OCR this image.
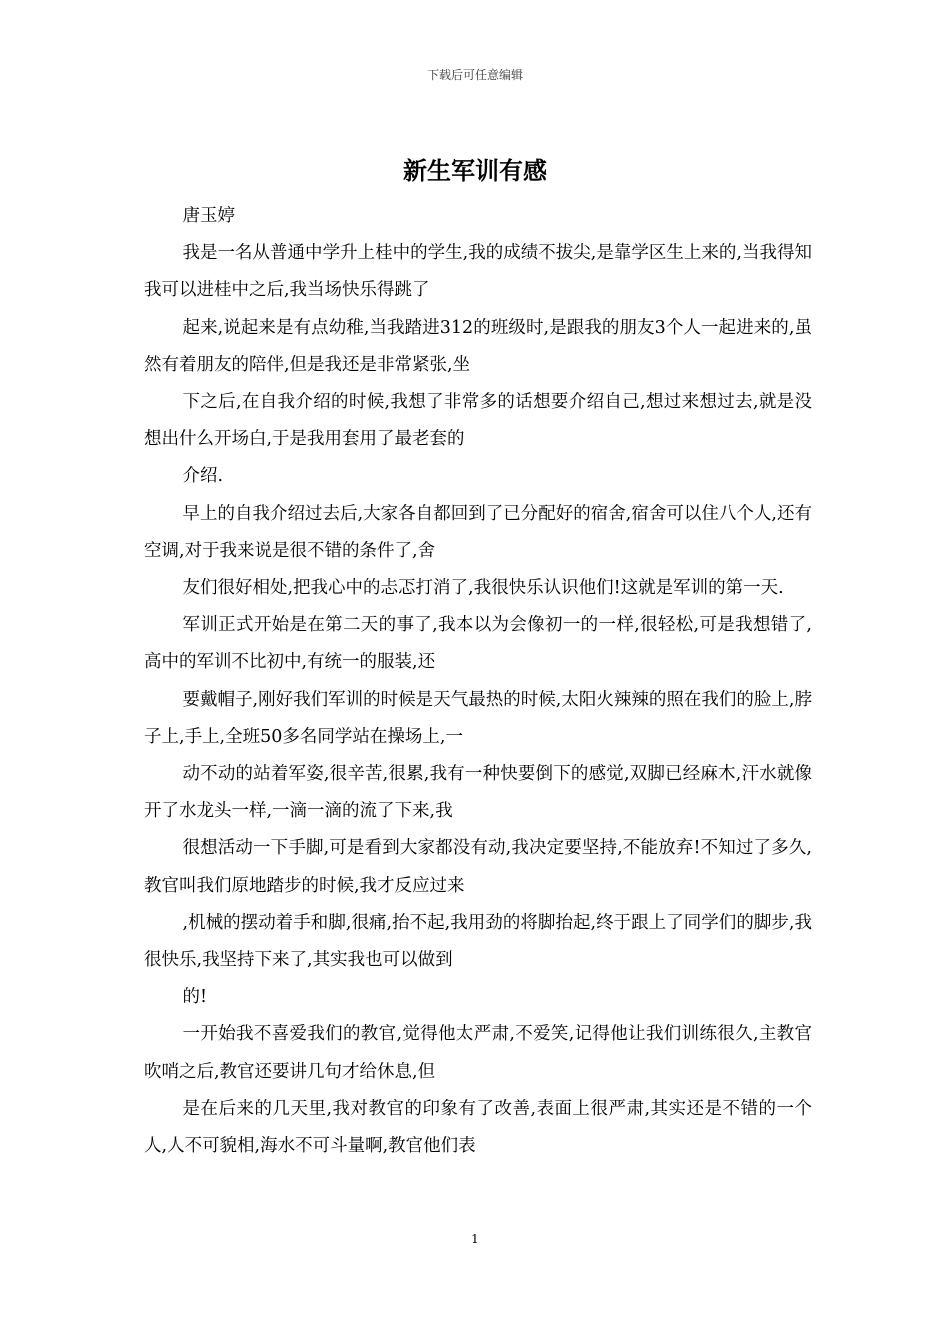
下载后可任意编辑
新生军训有感

唐玉婷

我是一名从普通中学升上桂中的学生,我的成绩不拔尖,是靠学区生上来的,当我得知我可以进桂中之后,我当场快乐得跳了

起来,说起来是有点幼稚,当我踏进312的班级时,是跟我的朋友3个人一起进来的,虽然有着朋友的陪伴,但是我还是非常紧张,坐

下之后,在自我介绍的时候,我想了非常多的话想要介绍自己,想过来想过去,就是没想出什么开场白,于是我用套用了最老套的

介绍.

早上的自我介绍过去后,大家各自都回到了已分配好的宿舍,宿舍可以住八个人,还有空调,对于我来说是很不错的条件了,舍

友们很好相处,把我心中的忐忑打消了,我很快乐认识他们!这就是军训的第一天.

军训正式开始是在第二天的事了,我本以为会像初一的一样,很轻松,可是我想错了,高中的军训不比初中,有统一的服装,还

要戴帽子,刚好我们军训的时候是天气最热的时候,太阳火辣辣的照在我们的脸上,脖子上,手上,全班50多名同学站在操场上,一

动不动的站着军姿,很辛苦,很累,我有一种快要倒下的感觉,双脚已经麻木,汗水就像开了水龙头一样,一滴一滴的流了下来,我

很想活动一下手脚,可是看到大家都没有动,我决定要坚持,不能放弃!不知过了多久,教官叫我们原地踏步的时候,我才反应过来

,机械的摆动着手和脚,很痛,抬不起,我用劲的将脚抬起,终于跟上了同学们的脚步,我很快乐,我坚持下来了,其实我也可以做到

的!

一开始我不喜爱我们的教官,觉得他太严肃,不爱笑,记得他让我们训练很久,主教官吹哨之后,教官还要讲几句才给休息,但

是在后来的几天里,我对教官的印象有了改善,表面上很严肃,其实还是不错的一个人,人不可貌相,海水不可斗量啊,教官他们表

1
